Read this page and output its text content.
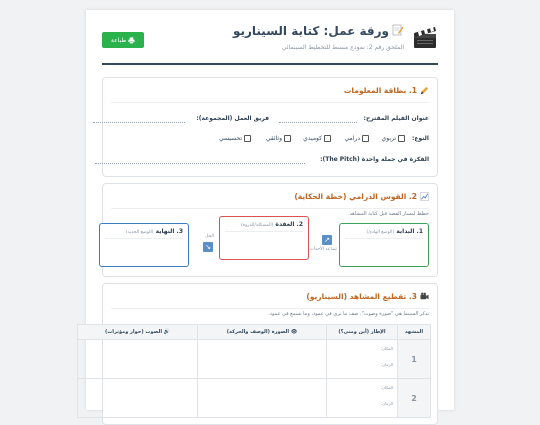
ورقة عمل: كتابة السيناريو
الملحق رقم 2: نموذج مبسط للتخطيط السينمائي
طباعة
1. بطاقة المعلومات
عنوان الفيلم المقترح:
فريق العمل (المجموعة):
النوع:
تربوي
درامي
كوميدي
وثائقي
تحسيسي
الفكرة في جملة واحدة (The Pitch):
2. القوس الدرامي (خطة الحكاية)
خطط لمسار القصة قبل كتابة المشاهد.
1. البداية (الوضع الهادئ)
↗
تصاعد الأحداث
2. العقدة (المشكلة/الذروة)
الحل
↘
3. النهاية (الوضع الجديد)
3. تقطيع المشاهد (السيناريو)
تذكر السينما هي "صورة وصوت". صف ما نرى في عمود، وما نسمع في عمود.
المشهد	الإطار (أين ومتى؟)	👁 الصورة (الوصف والحركة)	🔊 الصوت (حوار ومؤثرات)
1	المكان:
الزمان:		

2	المكان:
الزمان:		
